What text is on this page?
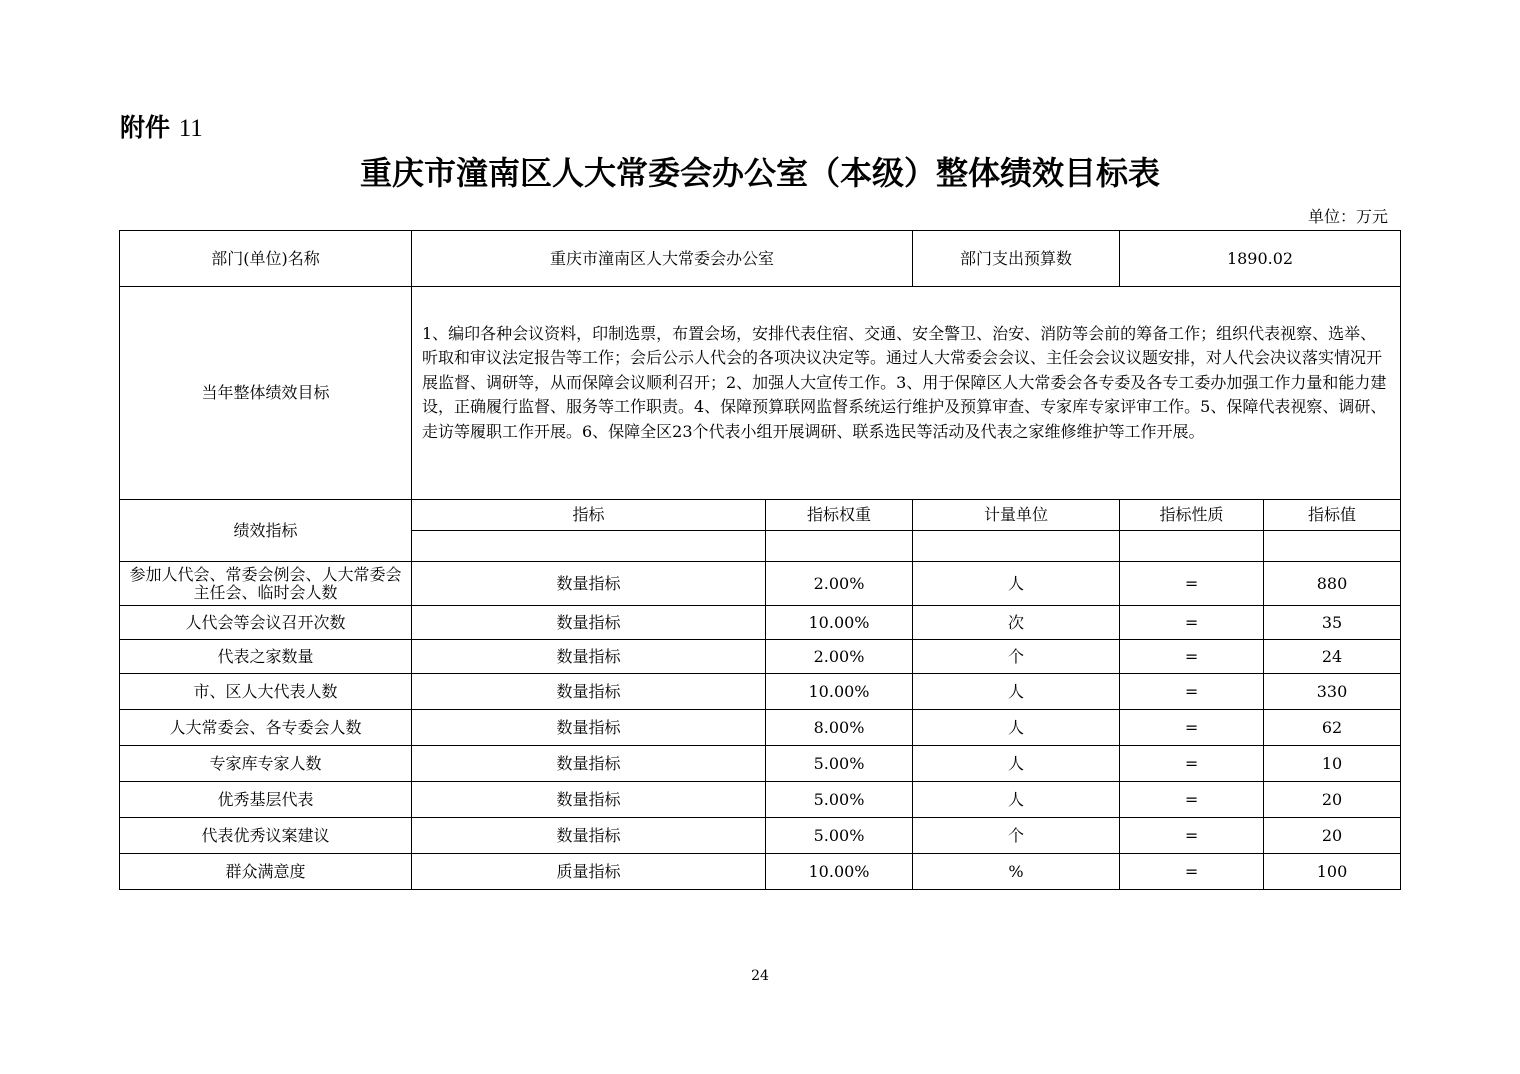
附件 11
重庆市潼南区人大常委会办公室（本级）整体绩效目标表
单位：万元
部门(单位)名称	重庆市潼南区人大常委会办公室		部门支出预算数	1890.02	
当年整体绩效目标	1、编印各种会议资料，印制选票，布置会场，安排代表住宿、交通、安全警卫、治安、消防等会前的筹备工作；组织代表视察、选举、听取和审议法定报告等工作；会后公示人代会的各项决议决定等。通过人大常委会会议、主任会会议议题安排，对人代会决议落实情况开展监督、调研等，从而保障会议顺利召开；2、加强人大宣传工作。3、用于保障区人大常委会各专委及各专工委办加强工作力量和能力建设，正确履行监督、服务等工作职责。4、保障预算联网监督系统运行维护及预算审查、专家库专家评审工作。5、保障代表视察、调研、走访等履职工作开展。6、保障全区23个代表小组开展调研、联系选民等活动及代表之家维修维护等工作开展。				
绩效指标	指标	指标权重	计量单位	指标性质	指标值

参加人代会、常委会例会、人大常委会主任会、临时会人数	数量指标	2.00%	人	=	880
人代会等会议召开次数	数量指标	10.00%	次	=	35
代表之家数量	数量指标	2.00%	个	=	24
市、区人大代表人数	数量指标	10.00%	人	=	330
人大常委会、各专委会人数	数量指标	8.00%	人	=	62
专家库专家人数	数量指标	5.00%	人	=	10
优秀基层代表	数量指标	5.00%	人	=	20
代表优秀议案建议	数量指标	5.00%	个	=	20
群众满意度	质量指标	10.00%	%	=	100
24
